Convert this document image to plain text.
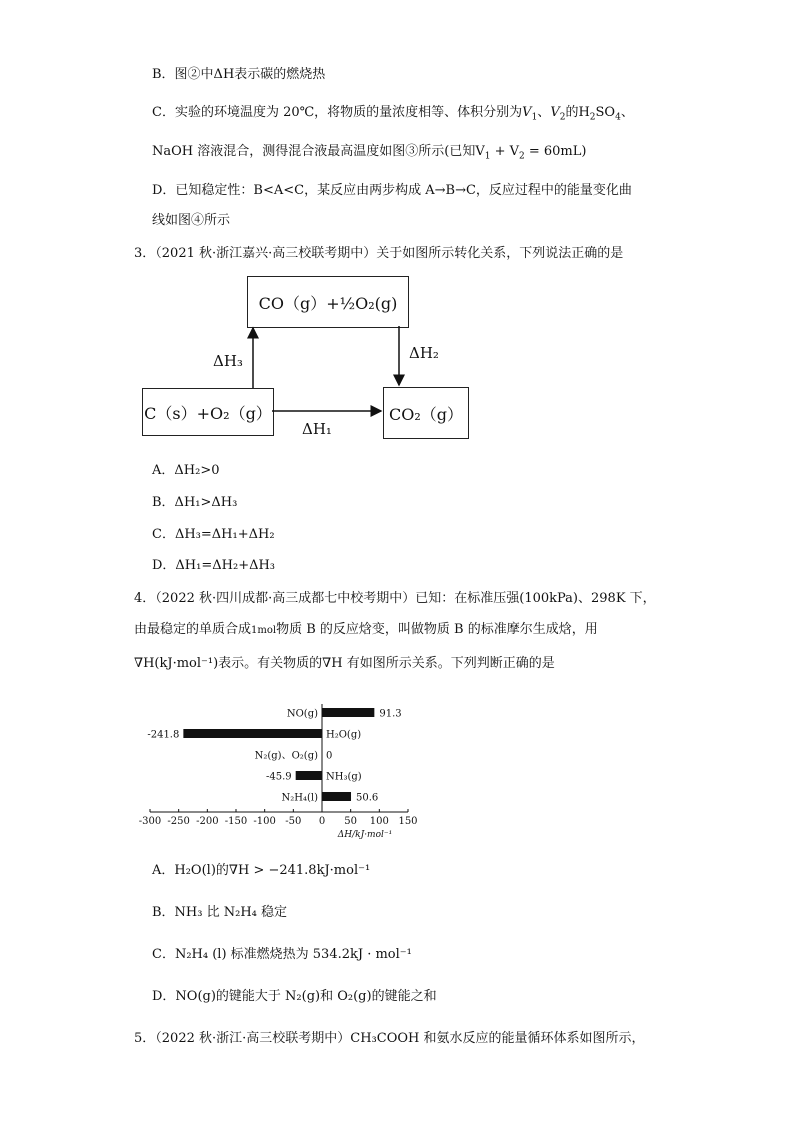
B．图②中ΔH表示碳的燃烧热
C．实验的环境温度为 20℃，将物质的量浓度相等、体积分别为$V_1$、$V_2$的$H_2SO_4$、
NaOH 溶液混合，测得混合液最高温度如图③所示(已知$V_1 + V_2 = 60mL$)
D．已知稳定性：B<A<C，某反应由两步构成 A→B→C，反应过程中的能量变化曲
线如图④所示
3．（2021 秋·浙江嘉兴·高三校联考期中）关于如图所示转化关系，下列说法正确的是
CO（g）+½O₂(g)
C（s）+O₂（g）	CO₂（g）
ΔH₃	ΔH₂
ΔH₁
A．ΔH₂>0
B．ΔH₁>ΔH₃
C．ΔH₃=ΔH₁+ΔH₂
D．ΔH₁=ΔH₂+ΔH₃
4．（2022 秋·四川成都·高三成都七中校考期中）已知：在标准压强(100kPa)、298K 下，
由最稳定的单质合成1mol物质 B 的反应焓变，叫做物质 B 的标准摩尔生成焓，用
∇H(kJ·mol⁻¹)表示。有关物质的∇H 有如图所示关系。下列判断正确的是
-300 -250 -200 -150 -100 -50 0 50 100 150
ΔH/kJ·mol⁻¹
NO(g)	91.3
H₂O(g)
-241.8
N₂(g)、O₂(g) 0
NH₃(g)
-45.9
N₂H₄(l)	50.6
A．H₂O(l)的∇H > −241.8kJ·mol⁻¹
B．NH₃ 比 N₂H₄ 稳定
C．N₂H₄ (l) 标准燃烧热为 534.2kJ · mol⁻¹
D．NO(g)的键能大于 N₂(g)和 O₂(g)的键能之和
5．（2022 秋·浙江·高三校联考期中）CH₃COOH 和氨水反应的能量循环体系如图所示，
